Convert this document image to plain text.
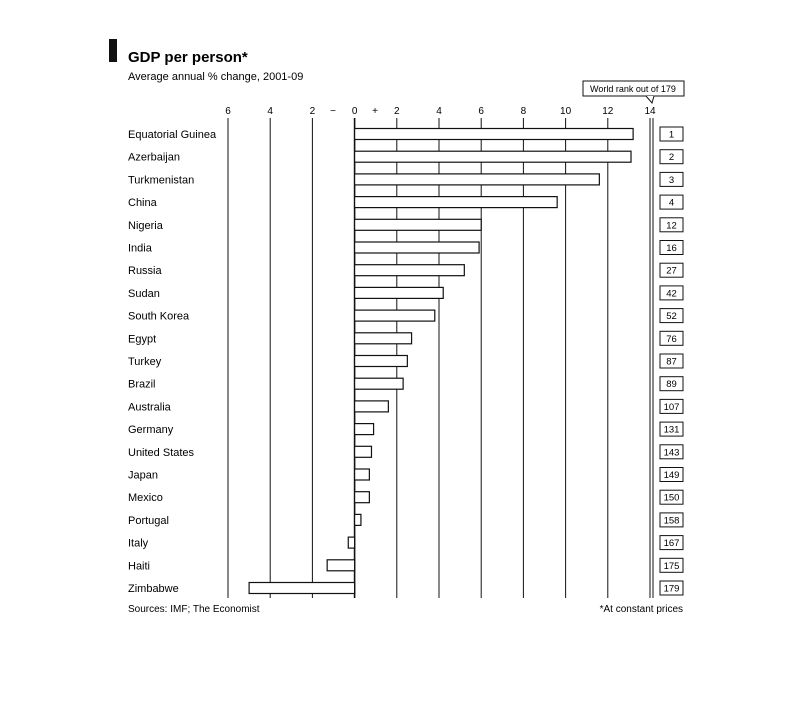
GDP per person*
Average annual % change, 2001-09
6	4	2	0	2	4	6	8	10	12	14
−	+
Equatorial Guinea
Azerbaijan
Turkmenistan
China
Nigeria
India
Russia
Sudan
South Korea
Egypt
Turkey
Brazil
Australia
Germany
United States
Japan
Mexico
Portugal
Italy
Haiti
Zimbabwe
World rank out of 179
1
2
3
4
12
16
27
42
52
76
87
89
107
131
143
149
150
158
167
175
179
Sources: IMF; The Economist	*At constant prices
